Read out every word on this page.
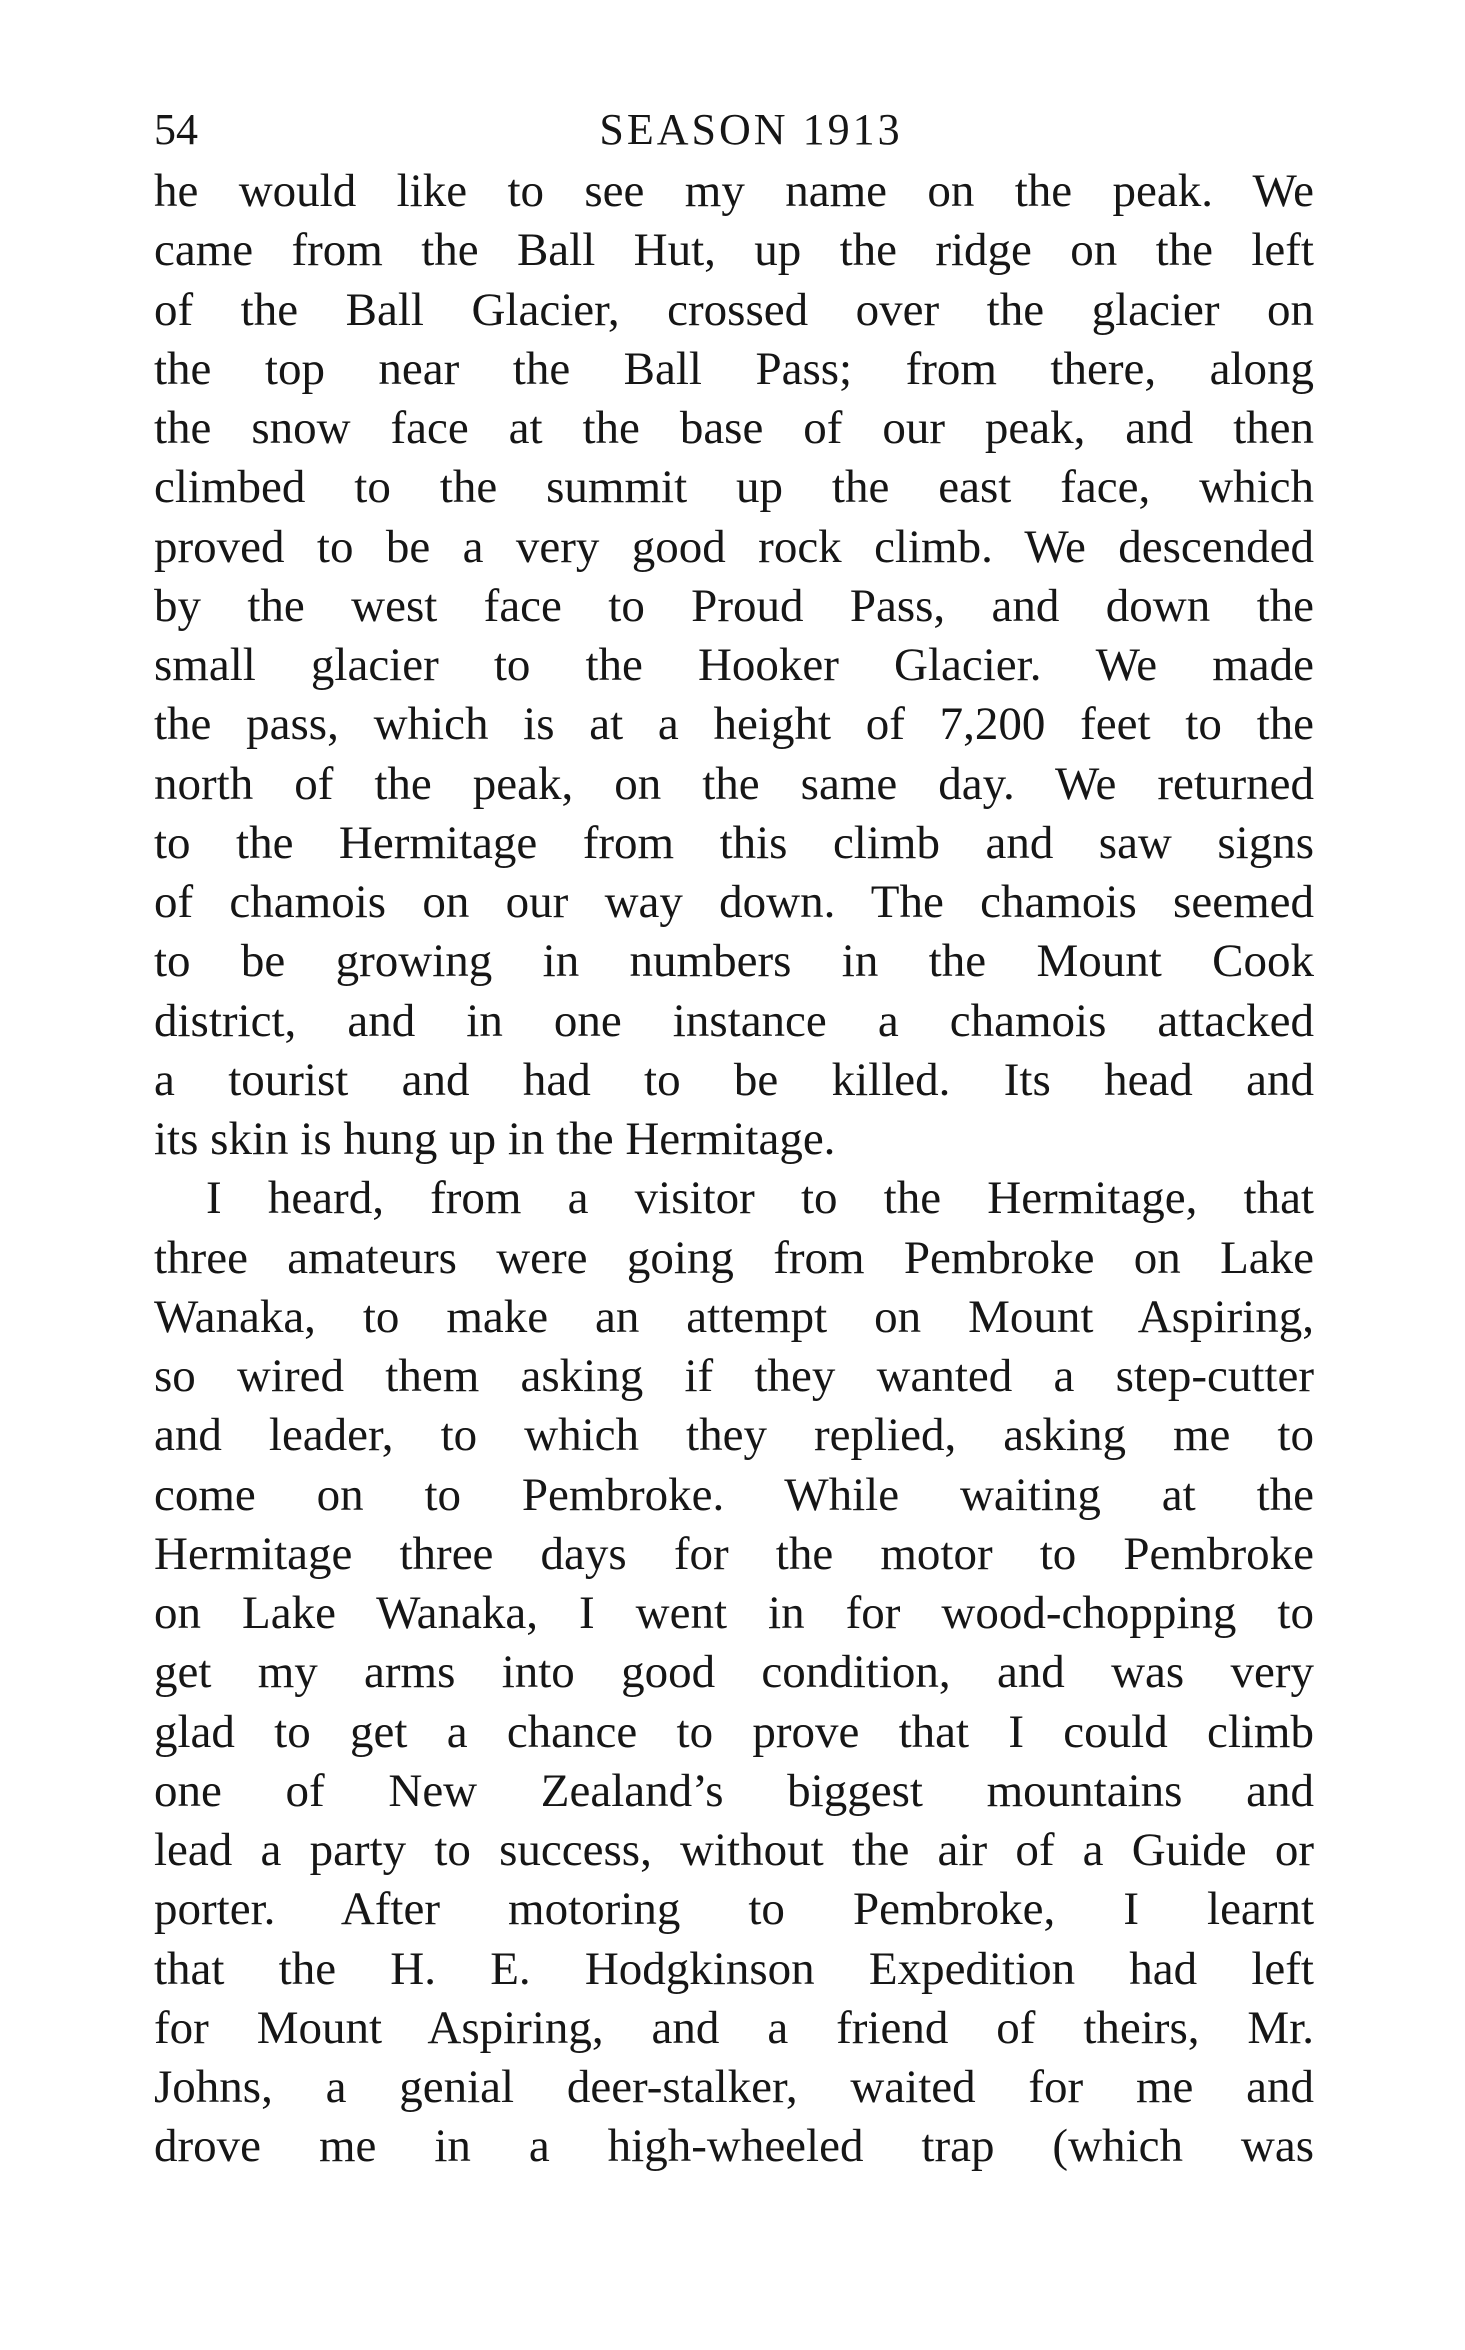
54	SEASON 1913
he would like to see my name on the peak. We
came from the Ball Hut, up the ridge on the left
of the Ball Glacier, crossed over the glacier on
the top near the Ball Pass; from there, along
the snow face at the base of our peak, and then
climbed to the summit up the east face, which
proved to be a very good rock climb. We descended
by the west face to Proud Pass, and down the
small glacier to the Hooker Glacier. We made
the pass, which is at a height of 7,200 feet to the
north of the peak, on the same day. We returned
to the Hermitage from this climb and saw signs
of chamois on our way down. The chamois seemed
to be growing in numbers in the Mount Cook
district, and in one instance a chamois attacked
a tourist and had to be killed. Its head and
its skin is hung up in the Hermitage.
I heard, from a visitor to the Hermitage, that
three amateurs were going from Pembroke on Lake
Wanaka, to make an attempt on Mount Aspiring,
so wired them asking if they wanted a step-cutter
and leader, to which they replied, asking me to
come on to Pembroke. While waiting at the
Hermitage three days for the motor to Pembroke
on Lake Wanaka, I went in for wood-chopping to
get my arms into good condition, and was very
glad to get a chance to prove that I could climb
one of New Zealand’s biggest mountains and
lead a party to success, without the air of a Guide or
porter. After motoring to Pembroke, I learnt
that the H. E. Hodgkinson Expedition had left
for Mount Aspiring, and a friend of theirs, Mr.
Johns, a genial deer-stalker, waited for me and
drove me in a high-wheeled trap (which was
